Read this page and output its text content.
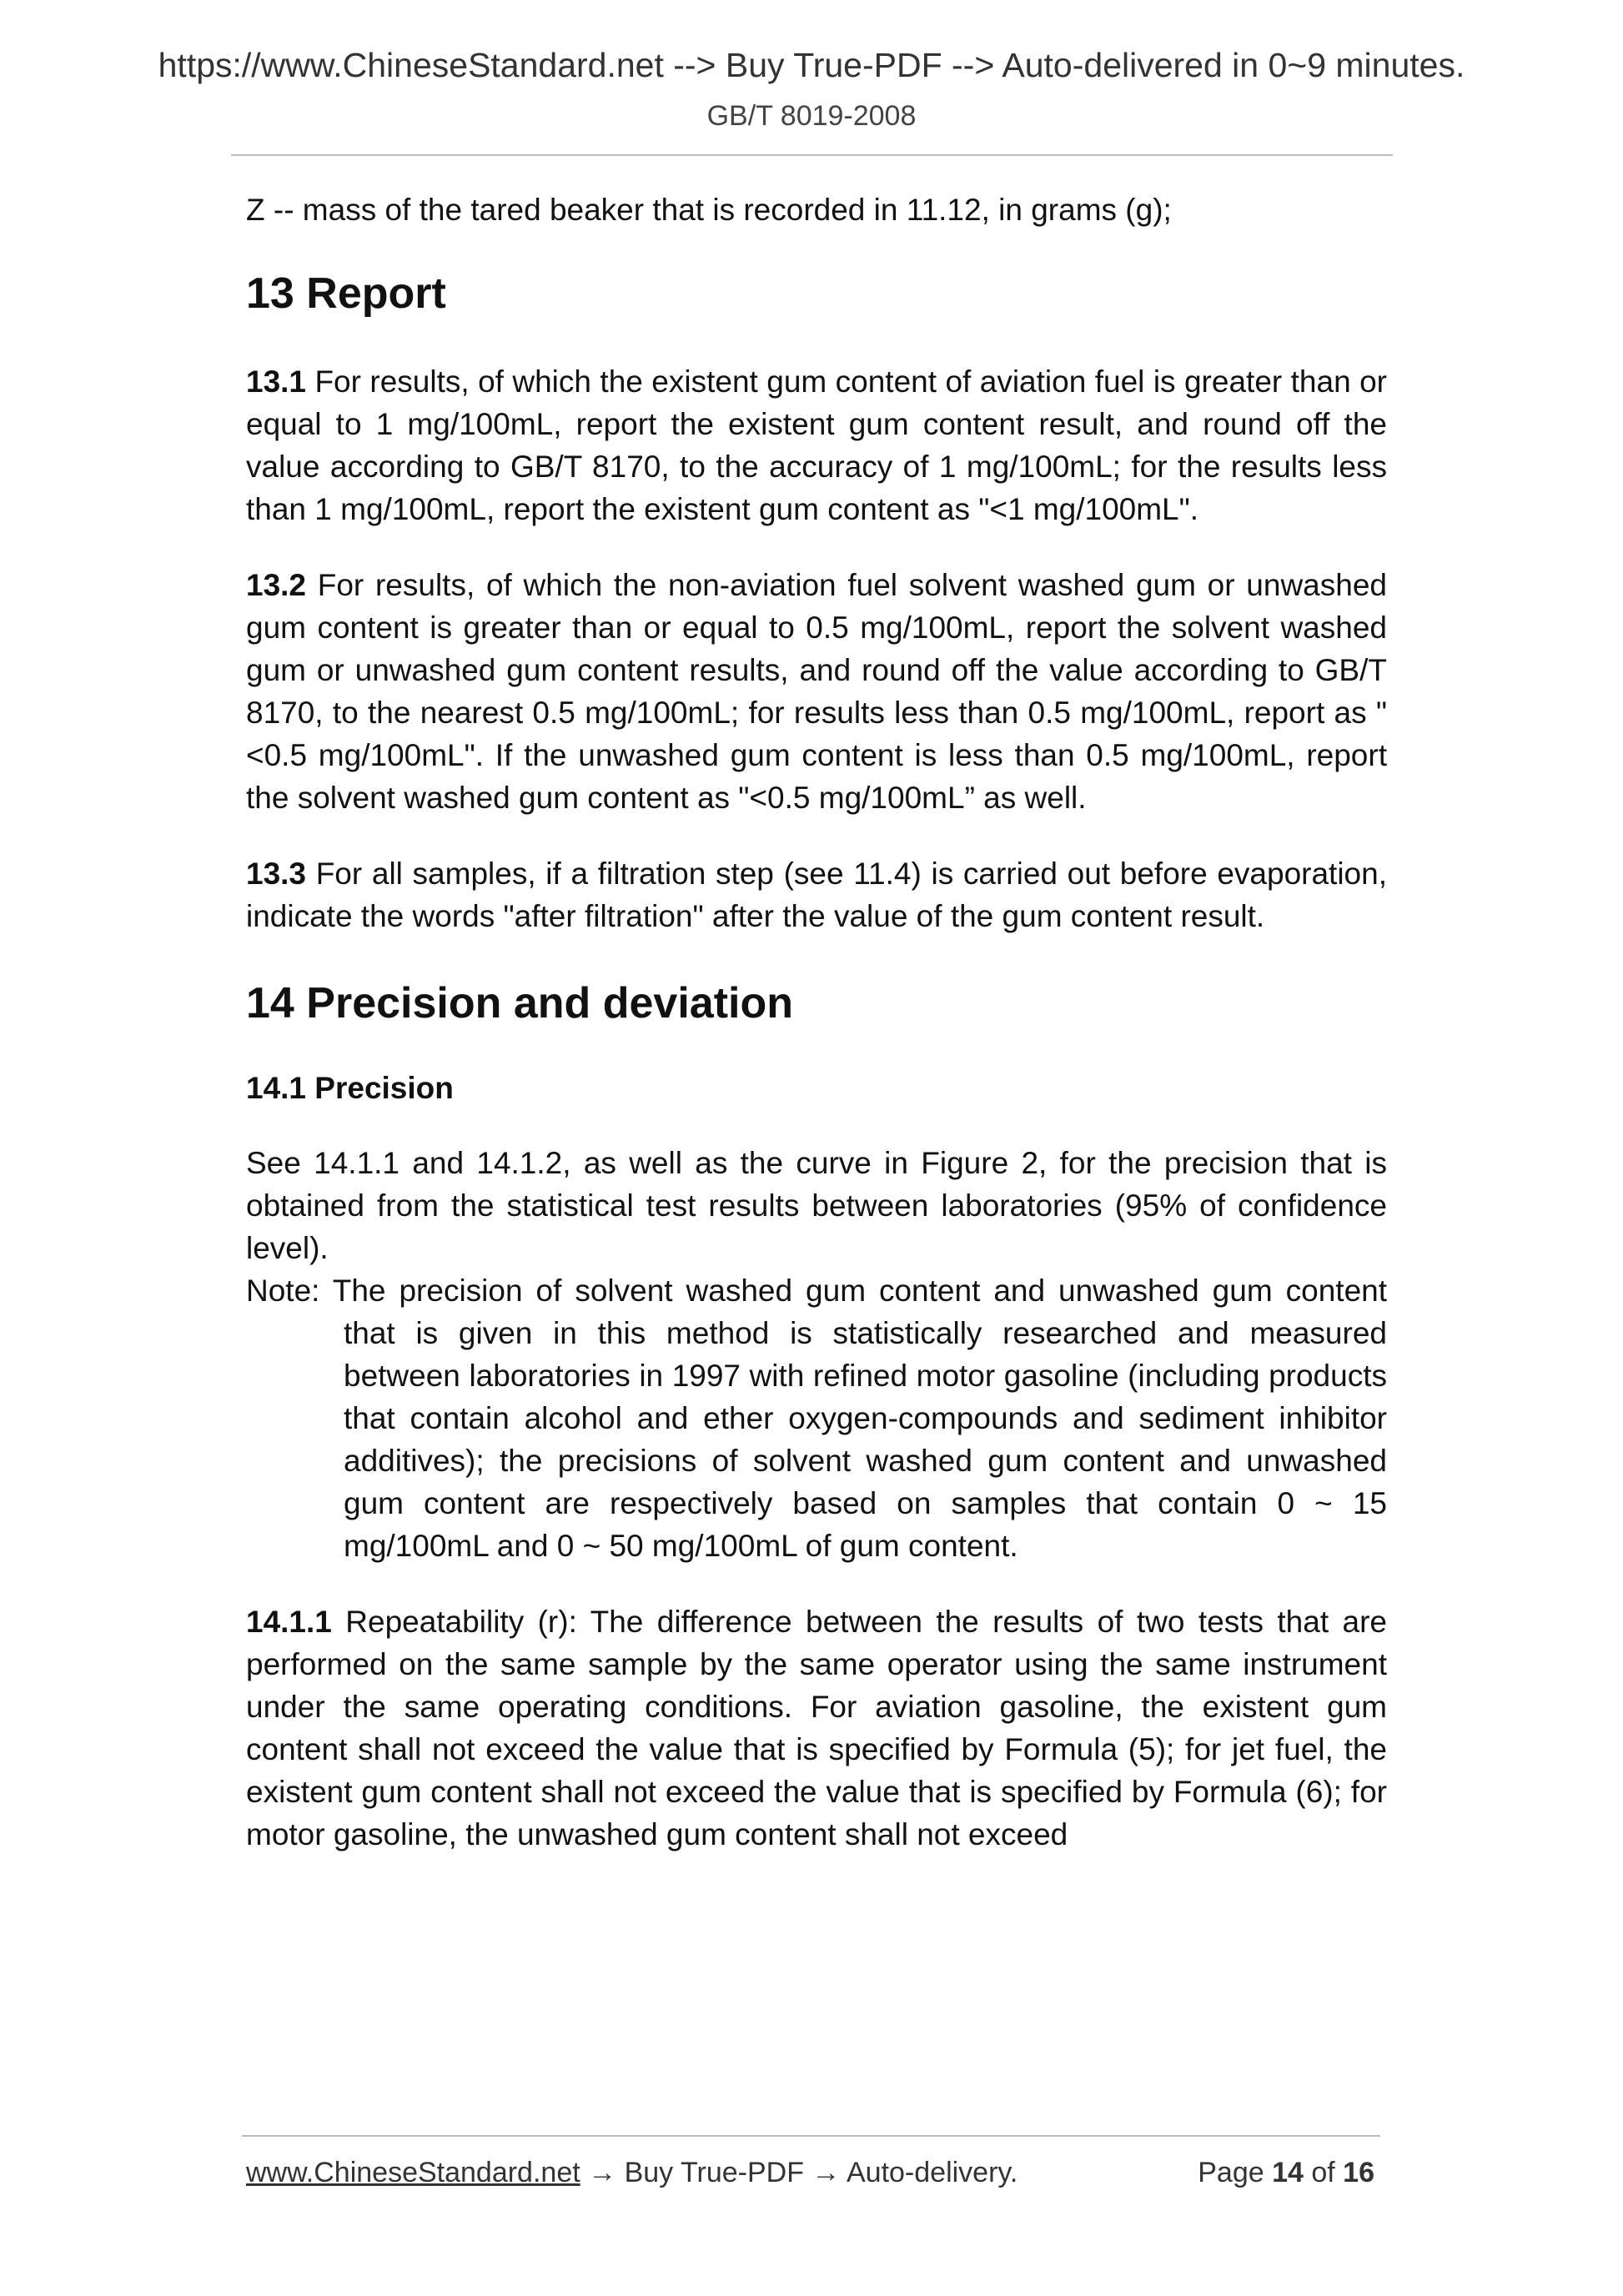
https://www.ChineseStandard.net --> Buy True-PDF --> Auto-delivered in 0~9 minutes.
GB/T 8019-2008

Z -- mass of the tared beaker that is recorded in 11.12, in grams (g);

13 Report

13.1 For results, of which the existent gum content of aviation fuel is greater than or equal to 1 mg/100mL, report the existent gum content result, and round off the value according to GB/T 8170, to the accuracy of 1 mg/100mL; for the results less than 1 mg/100mL, report the existent gum content as "<1 mg/100mL".

13.2 For results, of which the non-aviation fuel solvent washed gum or unwashed gum content is greater than or equal to 0.5 mg/100mL, report the solvent washed gum or unwashed gum content results, and round off the value according to GB/T 8170, to the nearest 0.5 mg/100mL; for results less than 0.5 mg/100mL, report as "<0.5 mg/100mL". If the unwashed gum content is less than 0.5 mg/100mL, report the solvent washed gum content as "<0.5 mg/100mL” as well.

13.3 For all samples, if a filtration step (see 11.4) is carried out before evaporation, indicate the words "after filtration" after the value of the gum content result.

14 Precision and deviation
14.1 Precision

See 14.1.1 and 14.1.2, as well as the curve in Figure 2, for the precision that is obtained from the statistical test results between laboratories (95% of confidence level).

Note: The precision of solvent washed gum content and unwashed gum content that is given in this method is statistically researched and measured between laboratories in 1997 with refined motor gasoline (including products that contain alcohol and ether oxygen-compounds and sediment inhibitor additives); the precisions of solvent washed gum content and unwashed gum content are respectively based on samples that contain 0 ~ 15 mg/100mL and 0 ~ 50 mg/100mL of gum content.

14.1.1 Repeatability (r): The difference between the results of two tests that are performed on the same sample by the same operator using the same instrument under the same operating conditions. For aviation gasoline, the existent gum content shall not exceed the value that is specified by Formula (5); for jet fuel, the existent gum content shall not exceed the value that is specified by Formula (6); for motor gasoline, the unwashed gum content shall not exceed

www.ChineseStandard.net → Buy True-PDF → Auto-delivery.	Page 14 of 16
